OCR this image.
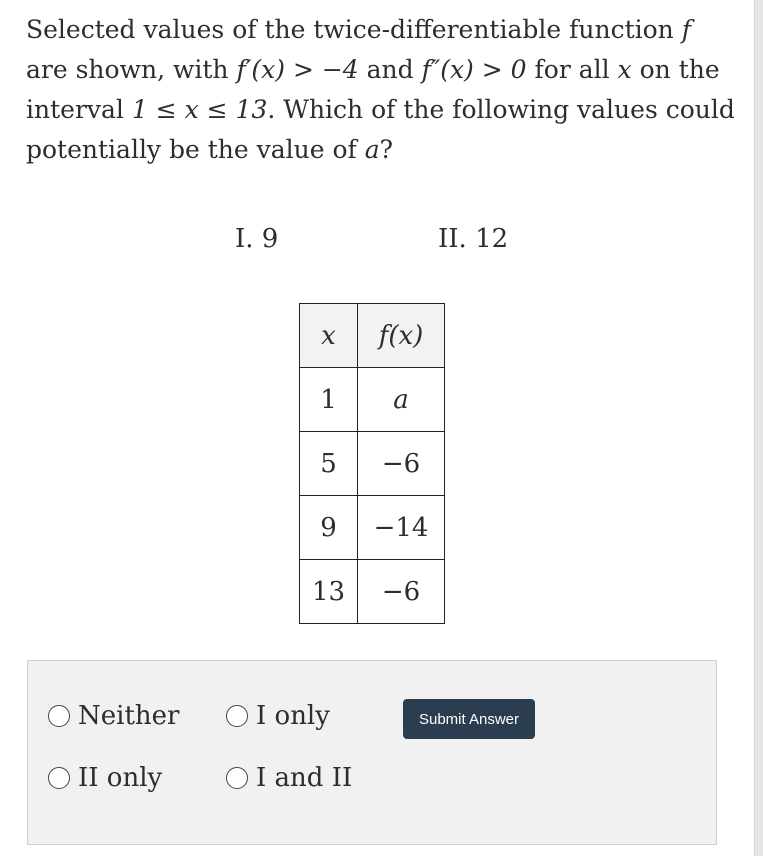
Selected values of the twice-differentiable function f are shown, with f′(x) > −4 and f″(x) > 0 for all x on the interval 1 ≤ x ≤ 13. Which of the following values could potentially be the value of a?

I. 9	II. 12
x	f(x)
1	a
5	−6
9	−14
13	−6
Neither	I only
II only	I and II
Submit Answer
